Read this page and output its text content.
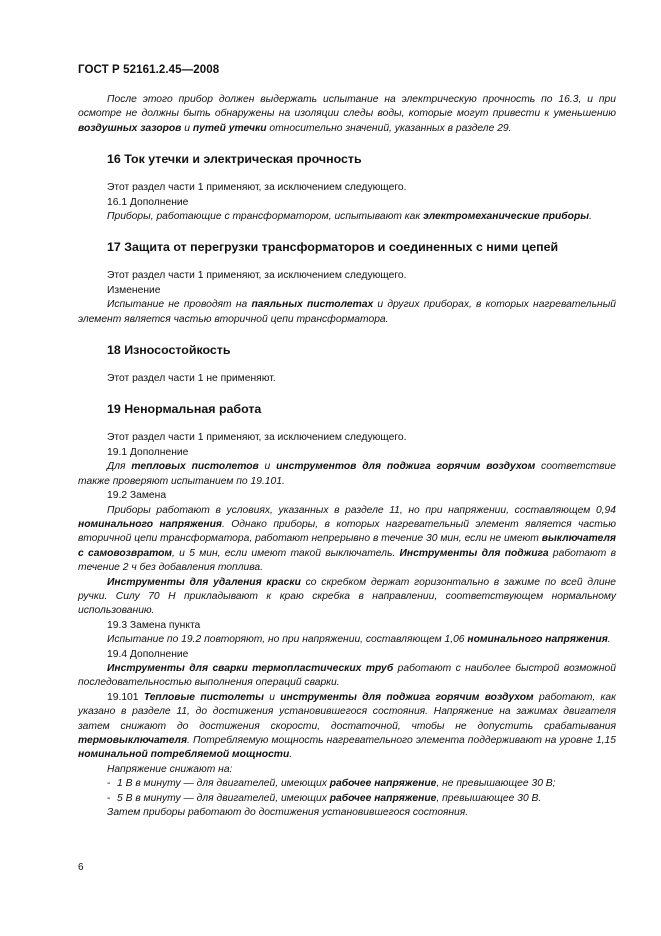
ГОСТ Р 52161.2.45—2008

После этого прибор должен выдержать испытание на электрическую прочность по 16.3, и при осмотре не должны быть обнаружены на изоляции следы воды, которые могут привести к уменьшению воздушных зазоров и путей утечки относительно значений, указанных в разделе 29.

16 Ток утечки и электрическая прочность

Этот раздел части 1 применяют, за исключением следующего.

16.1 Дополнение

Приборы, работающие с трансформатором, испытывают как электромеханические приборы.

17 Защита от перегрузки трансформаторов и соединенных с ними цепей

Этот раздел части 1 применяют, за исключением следующего.

Изменение

Испытание не проводят на паяльных пистолетах и других приборах, в которых нагревательный элемент является частью вторичной цепи трансформатора.

18 Износостойкость

Этот раздел части 1 не применяют.

19 Ненормальная работа

Этот раздел части 1 применяют, за исключением следующего.

19.1 Дополнение

Для тепловых пистолетов и инструментов для поджига горячим воздухом соответствие также проверяют испытанием по 19.101.

19.2 Замена

Приборы работают в условиях, указанных в разделе 11, но при напряжении, составляющем 0,94 номинального напряжения. Однако приборы, в которых нагревательный элемент является частью вторичной цепи трансформатора, работают непрерывно в течение 30 мин, если не имеют выключателя с самовозвратом, и 5 мин, если имеют такой выключатель. Инструменты для поджига работают в течение 2 ч без добавления топлива.

Инструменты для удаления краски со скребком держат горизонтально в зажиме по всей длине ручки. Силу 70 Н прикладывают к краю скребка в направлении, соответствующем нормальному использованию.

19.3 Замена пункта

Испытание по 19.2 повторяют, но при напряжении, составляющем 1,06 номинального напряжения.

19.4 Дополнение

Инструменты для сварки термопластических труб работают с наиболее быстрой возможной последовательностью выполнения операций сварки.

19.101 Тепловые пистолеты и инструменты для поджига горячим воздухом работают, как указано в разделе 11, до достижения установившегося состояния. Напряжение на зажимах двигателя затем снижают до достижения скорости, достаточной, чтобы не допустить срабатывания термовыключателя. Потребляемую мощность нагревательного элемента поддерживают на уровне 1,15 номинальной потребляемой мощности.

Напряжение снижают на:

- 1 В в минуту — для двигателей, имеющих рабочее напряжение, не превышающее 30 В;

- 5 В в минуту — для двигателей, имеющих рабочее напряжение, превышающее 30 В.

Затем приборы работают до достижения установившегося состояния.

6
